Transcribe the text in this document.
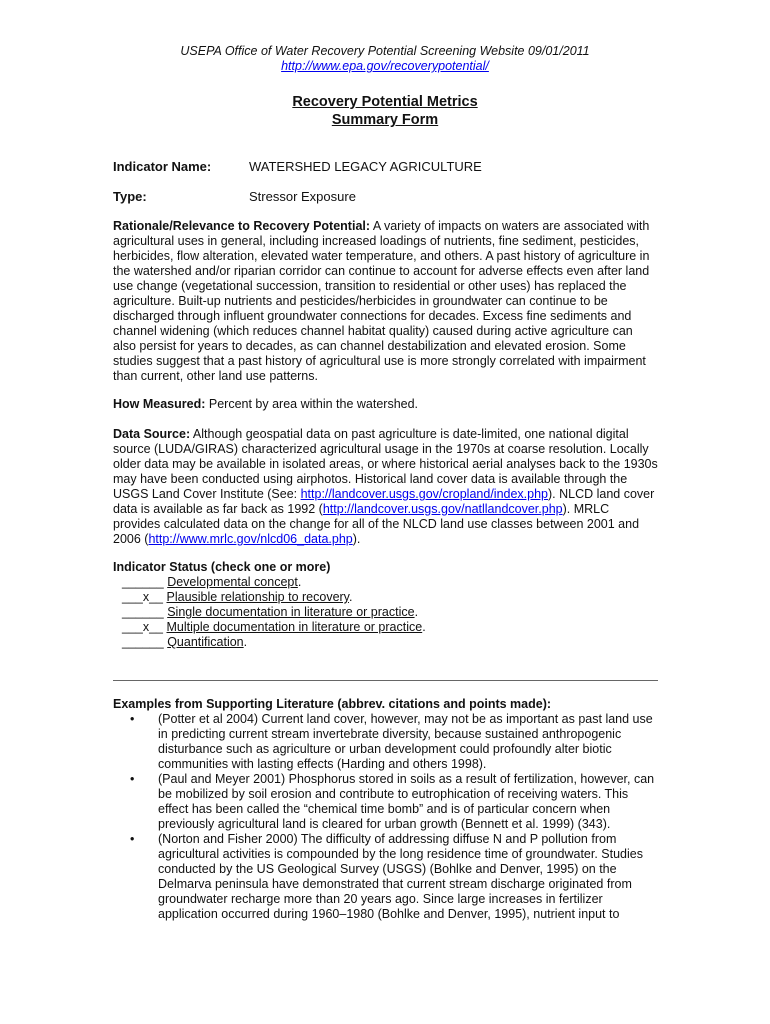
USEPA Office of Water Recovery Potential Screening Website 09/01/2011
http://www.epa.gov/recoverypotential/
Recovery Potential Metrics
Summary Form
Indicator Name:	WATERSHED LEGACY AGRICULTURE
Type:	Stressor Exposure
Rationale/Relevance to Recovery Potential: A variety of impacts on waters are associated with agricultural uses in general, including increased loadings of nutrients, fine sediment, pesticides, herbicides, flow alteration, elevated water temperature, and others. A past history of agriculture in the watershed and/or riparian corridor can continue to account for adverse effects even after land use change (vegetational succession, transition to residential or other uses) has replaced the agriculture. Built-up nutrients and pesticides/herbicides in groundwater can continue to be discharged through influent groundwater connections for decades. Excess fine sediments and channel widening (which reduces channel habitat quality) caused during active agriculture can also persist for years to decades, as can channel destabilization and elevated erosion. Some studies suggest that a past history of agricultural use is more strongly correlated with impairment than current, other land use patterns.
How Measured: Percent by area within the watershed.
Data Source: Although geospatial data on past agriculture is date-limited, one national digital source (LUDA/GIRAS) characterized agricultural usage in the 1970s at coarse resolution. Locally older data may be available in isolated areas, or where historical aerial analyses back to the 1930s may have been conducted using airphotos. Historical land cover data is available through the USGS Land Cover Institute (See: http://landcover.usgs.gov/cropland/index.php). NLCD land cover data is available as far back as 1992 (http://landcover.usgs.gov/natllandcover.php). MRLC provides calculated data on the change for all of the NLCD land use classes between 2001 and 2006 (http://www.mrlc.gov/nlcd06_data.php).
Indicator Status (check one or more)
______ Developmental concept.
___x__ Plausible relationship to recovery.
______ Single documentation in literature or practice.
___x__ Multiple documentation in literature or practice.
______ Quantification.
Examples from Supporting Literature (abbrev. citations and points made):
• (Potter et al 2004) Current land cover, however, may not be as important as past land use in predicting current stream invertebrate diversity, because sustained anthropogenic disturbance such as agriculture or urban development could profoundly alter biotic communities with lasting effects (Harding and others 1998).
• (Paul and Meyer 2001) Phosphorus stored in soils as a result of fertilization, however, can be mobilized by soil erosion and contribute to eutrophication of receiving waters. This effect has been called the “chemical time bomb” and is of particular concern when previously agricultural land is cleared for urban growth (Bennett et al. 1999) (343).
• (Norton and Fisher 2000) The difficulty of addressing diffuse N and P pollution from agricultural activities is compounded by the long residence time of groundwater. Studies conducted by the US Geological Survey (USGS) (Bohlke and Denver, 1995) on the Delmarva peninsula have demonstrated that current stream discharge originated from groundwater recharge more than 20 years ago. Since large increases in fertilizer application occurred during 1960–1980 (Bohlke and Denver, 1995), nutrient input to
